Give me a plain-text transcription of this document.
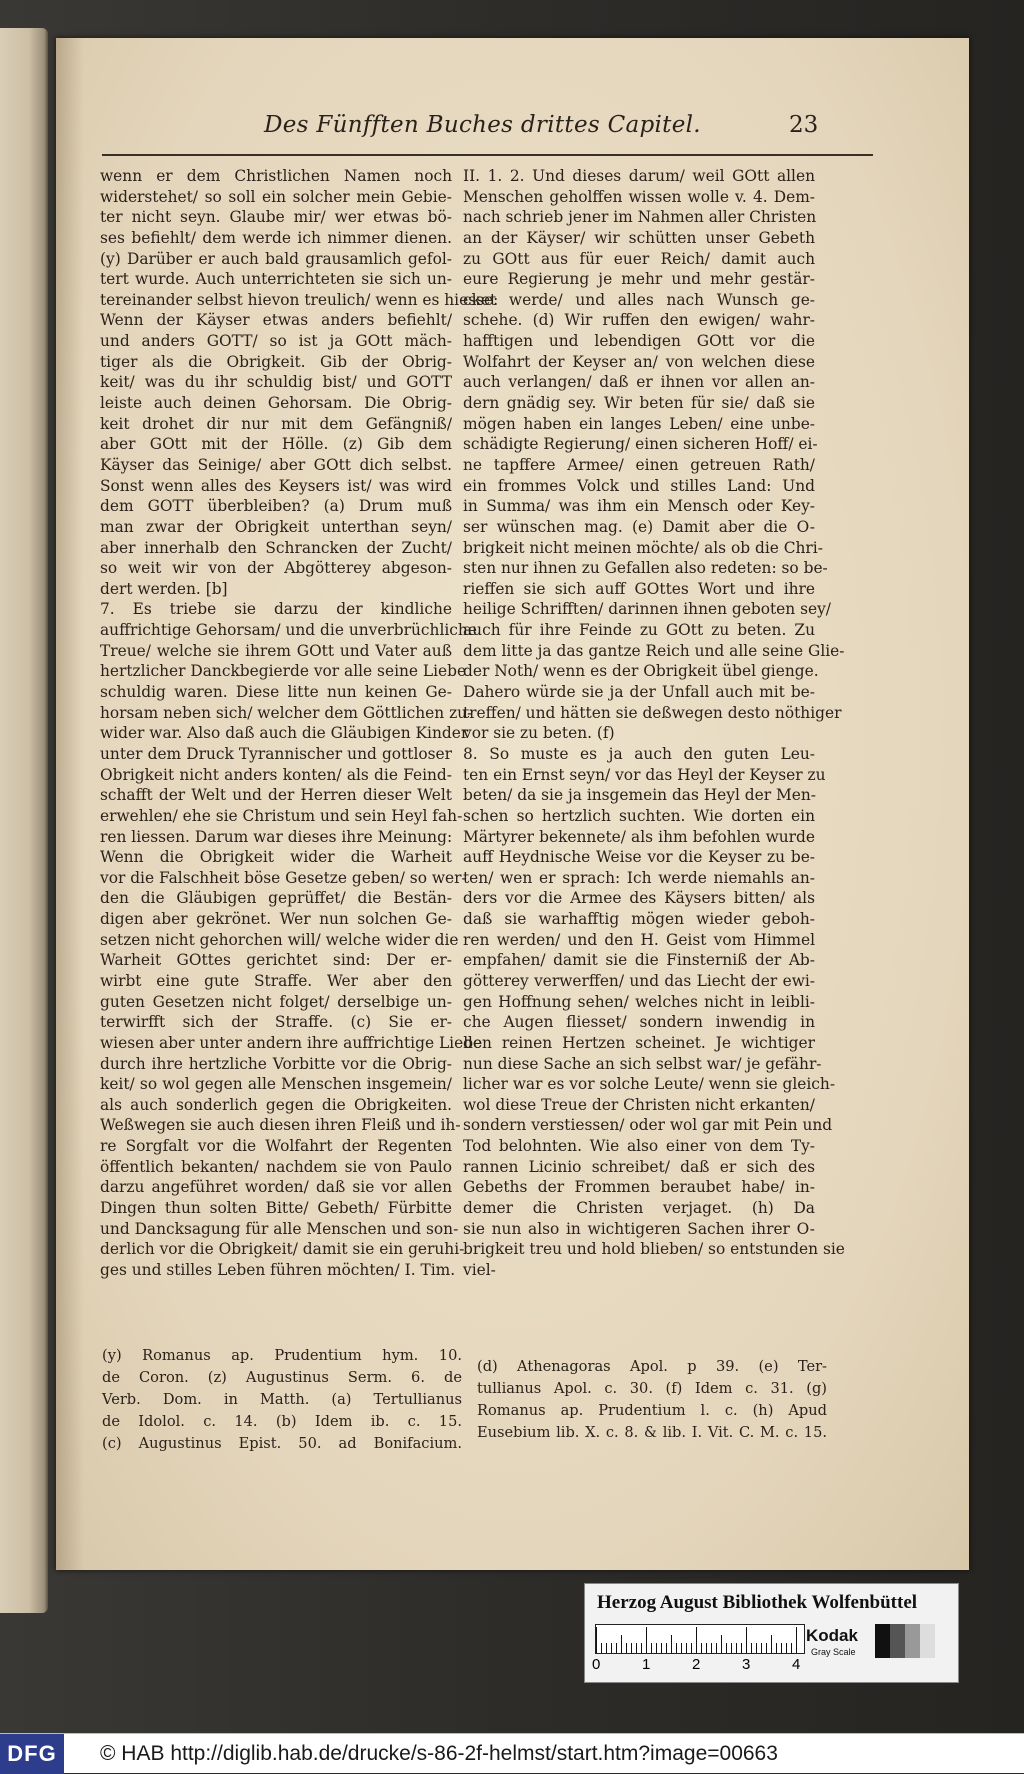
Des Fünfften Buches drittes Capitel.	23

wenn er dem Christlichen Namen noch

widerstehet/ so soll ein solcher mein Gebie-

ter nicht seyn. Glaube mir/ wer etwas bö-

ses befiehlt/ dem werde ich nimmer dienen.

(y) Darüber er auch bald grausamlich gefol-

tert wurde. Auch unterrichteten sie sich un-

tereinander selbst hievon treulich/ wenn es hiesse:

Wenn der Käyser etwas anders befiehlt/

und anders GOTT/ so ist ja GOtt mäch-

tiger als die Obrigkeit. Gib der Obrig-

keit/ was du ihr schuldig bist/ und GOTT

leiste auch deinen Gehorsam. Die Obrig-

keit drohet dir nur mit dem Gefängniß/

aber GOtt mit der Hölle. (z) Gib dem

Käyser das Seinige/ aber GOtt dich selbst.

Sonst wenn alles des Keysers ist/ was wird

dem GOTT überbleiben? (a) Drum muß

man zwar der Obrigkeit unterthan seyn/

aber innerhalb den Schrancken der Zucht/

so weit wir von der Abgötterey abgeson-

dert werden. [b]

7. Es triebe sie darzu der kindliche

auffrichtige Gehorsam/ und die unverbrüchliche

Treue/ welche sie ihrem GOtt und Vater auß

hertzlicher Danckbegierde vor alle seine Liebe

schuldig waren. Diese litte nun keinen Ge-

horsam neben sich/ welcher dem Göttlichen zu-

wider war. Also daß auch die Gläubigen Kinder

unter dem Druck Tyrannischer und gottloser

Obrigkeit nicht anders konten/ als die Feind-

schafft der Welt und der Herren dieser Welt

erwehlen/ ehe sie Christum und sein Heyl fah-

ren liessen. Darum war dieses ihre Meinung:

Wenn die Obrigkeit wider die Warheit

vor die Falschheit böse Gesetze geben/ so wer-

den die Gläubigen geprüffet/ die Bestän-

digen aber gekrönet. Wer nun solchen Ge-

setzen nicht gehorchen will/ welche wider die

Warheit GOttes gerichtet sind: Der er-

wirbt eine gute Straffe. Wer aber den

guten Gesetzen nicht folget/ derselbige un-

terwirfft sich der Straffe. (c) Sie er-

wiesen aber unter andern ihre auffrichtige Liebe

durch ihre hertzliche Vorbitte vor die Obrig-

keit/ so wol gegen alle Menschen insgemein/

als auch sonderlich gegen die Obrigkeiten.

Weßwegen sie auch diesen ihren Fleiß und ih-

re Sorgfalt vor die Wolfahrt der Regenten

öffentlich bekanten/ nachdem sie von Paulo

darzu angeführet worden/ daß sie vor allen

Dingen thun solten Bitte/ Gebeth/ Fürbitte

und Dancksagung für alle Menschen und son-

derlich vor die Obrigkeit/ damit sie ein geruhi-

ges und stilles Leben führen möchten/ I. Tim.

II. 1. 2. Und dieses darum/ weil GOtt allen

Menschen geholffen wissen wolle v. 4. Dem-

nach schrieb jener im Nahmen aller Christen

an der Käyser/ wir schütten unser Gebeth

zu GOtt aus für euer Reich/ damit auch

eure Regierung je mehr und mehr gestär-

cket werde/ und alles nach Wunsch ge-

schehe. (d) Wir ruffen den ewigen/ wahr-

hafftigen und lebendigen GOtt vor die

Wolfahrt der Keyser an/ von welchen diese

auch verlangen/ daß er ihnen vor allen an-

dern gnädig sey. Wir beten für sie/ daß sie

mögen haben ein langes Leben/ eine unbe-

schädigte Regierung/ einen sicheren Hoff/ ei-

ne tapffere Armee/ einen getreuen Rath/

ein frommes Volck und stilles Land: Und

in Summa/ was ihm ein Mensch oder Key-

ser wünschen mag. (e) Damit aber die O-

brigkeit nicht meinen möchte/ als ob die Chri-

sten nur ihnen zu Gefallen also redeten: so be-

rieffen sie sich auff GOttes Wort und ihre

heilige Schrifften/ darinnen ihnen geboten sey/

auch für ihre Feinde zu GOtt zu beten. Zu

dem litte ja das gantze Reich und alle seine Glie-

der Noth/ wenn es der Obrigkeit übel gienge.

Dahero würde sie ja der Unfall auch mit be-

treffen/ und hätten sie deßwegen desto nöthiger

vor sie zu beten. (f)

8. So muste es ja auch den guten Leu-

ten ein Ernst seyn/ vor das Heyl der Keyser zu

beten/ da sie ja insgemein das Heyl der Men-

schen so hertzlich suchten. Wie dorten ein

Märtyrer bekennete/ als ihm befohlen wurde

auff Heydnische Weise vor die Keyser zu be-

ten/ wen er sprach: Ich werde niemahls an-

ders vor die Armee des Käysers bitten/ als

daß sie warhafftig mögen wieder geboh-

ren werden/ und den H. Geist vom Himmel

empfahen/ damit sie die Finsterniß der Ab-

götterey verwerffen/ und das Liecht der ewi-

gen Hoffnung sehen/ welches nicht in leibli-

che Augen fliesset/ sondern inwendig in

den reinen Hertzen scheinet. Je wichtiger

nun diese Sache an sich selbst war/ je gefähr-

licher war es vor solche Leute/ wenn sie gleich-

wol diese Treue der Christen nicht erkanten/

sondern verstiessen/ oder wol gar mit Pein und

Tod belohnten. Wie also einer von dem Ty-

rannen Licinio schreibet/ daß er sich des

Gebeths der Frommen beraubet habe/ in-

demer die Christen verjaget. (h) Da

sie nun also in wichtigeren Sachen ihrer O-

brigkeit treu und hold blieben/ so entstunden sie

viel-

(y) Romanus ap. Prudentium hym. 10.

de Coron. (z) Augustinus Serm. 6. de

Verb. Dom. in Matth. (a) Tertullianus

de Idolol. c. 14. (b) Idem ib. c. 15.

(c) Augustinus Epist. 50. ad Bonifacium.

(d) Athenagoras Apol. p 39. (e) Ter-

tullianus Apol. c. 30. (f) Idem c. 31. (g)

Romanus ap. Prudentium l. c. (h) Apud

Eusebium lib. X. c. 8. & lib. I. Vit. C. M. c. 15.

Herzog August Bibliothek Wolfenbüttel
0	1	2	3	4
Kodak
Gray Scale
DFG	© HAB http://diglib.hab.de/drucke/s-86-2f-helmst/start.htm?image=00663
